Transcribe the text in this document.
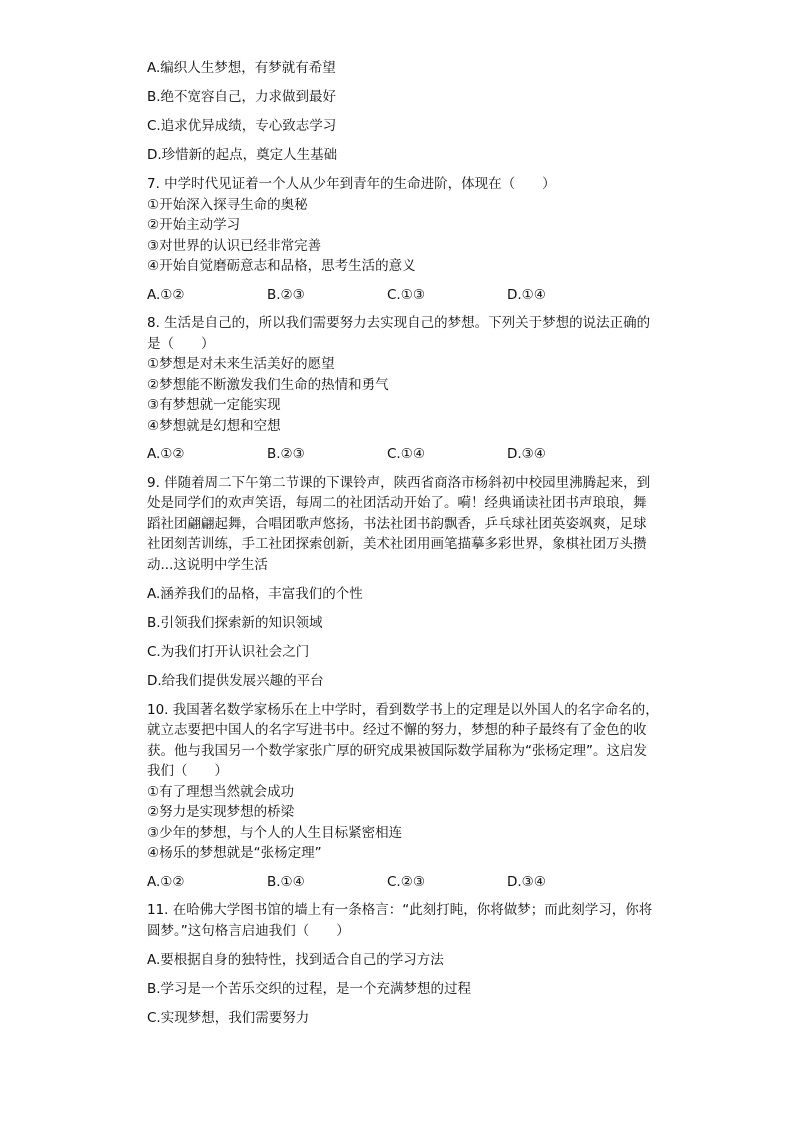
A.编织人生梦想，有梦就有希望
B.绝不宽容自己，力求做到最好
C.追求优异成绩，专心致志学习
D.珍惜新的起点，奠定人生基础
7. 中学时代见证着一个人从少年到青年的生命进阶，体现在（　　）
①开始深入探寻生命的奥秘
②开始主动学习
③对世界的认识已经非常完善
④开始自觉磨砺意志和品格，思考生活的意义
A.①②	B.②③	C.①③	D.①④
8. 生活是自己的，所以我们需要努力去实现自己的梦想。下列关于梦想的说法正确的
是（　　）
①梦想是对未来生活美好的愿望
②梦想能不断激发我们生命的热情和勇气
③有梦想就一定能实现
④梦想就是幻想和空想
A.①②	B.②③	C.①④	D.③④
9. 伴随着周二下午第二节课的下课铃声，陕西省商洛市杨斜初中校园里沸腾起来，到
处是同学们的欢声笑语，每周二的社团活动开始了。嗬！经典诵读社团书声琅琅，舞
蹈社团翩翩起舞，合唱团歌声悠扬，书法社团书韵飘香，乒乓球社团英姿飒爽，足球
社团刻苦训练，手工社团探索创新，美术社团用画笔描摹多彩世界，象棋社团万头攒
动...这说明中学生活
A.涵养我们的品格，丰富我们的个性
B.引领我们探索新的知识领域
C.为我们打开认识社会之门
D.给我们提供发展兴趣的平台
10. 我国著名数学家杨乐在上中学时，看到数学书上的定理是以外国人的名字命名的，
就立志要把中国人的名字写进书中。经过不懈的努力，梦想的种子最终有了金色的收
获。他与我国另一个数学家张广厚的研究成果被国际数学届称为“张杨定理”。这启发
我们（　　）
①有了理想当然就会成功
②努力是实现梦想的桥梁
③少年的梦想，与个人的人生目标紧密相连
④杨乐的梦想就是“张杨定理”
A.①②	B.①④	C.②③	D.③④
11. 在哈佛大学图书馆的墙上有一条格言：“此刻打盹，你将做梦；而此刻学习，你将
圆梦。”这句格言启迪我们（　　）
A.要根据自身的独特性，找到适合自己的学习方法
B.学习是一个苦乐交织的过程，是一个充满梦想的过程
C.实现梦想，我们需要努力
